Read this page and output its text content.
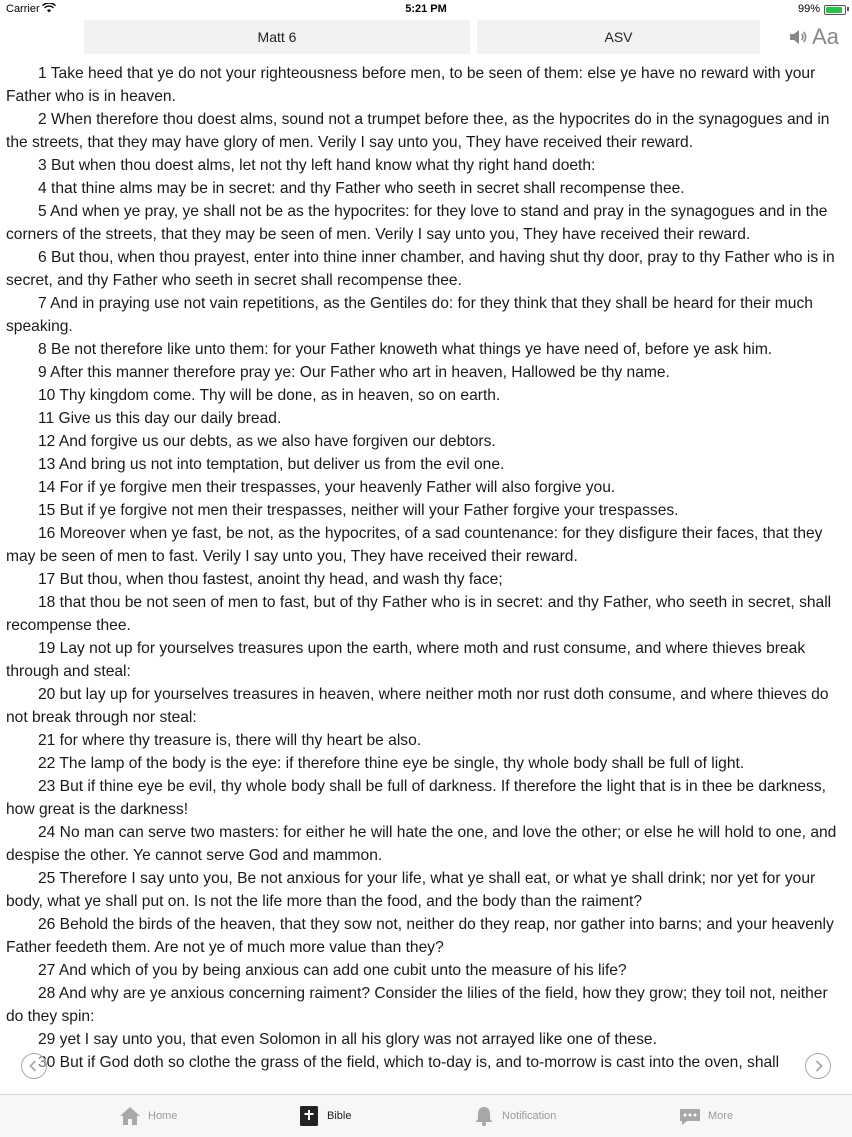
Carrier	5:21 PM	99%
Matt 6	ASV	Aa

1 Take heed that ye do not your righteousness before men, to be seen of them: else ye have no reward with your Father who is in heaven.

2 When therefore thou doest alms, sound not a trumpet before thee, as the hypocrites do in the synagogues and in the streets, that they may have glory of men. Verily I say unto you, They have received their reward.

3 But when thou doest alms, let not thy left hand know what thy right hand doeth:

4 that thine alms may be in secret: and thy Father who seeth in secret shall recompense thee.

5 And when ye pray, ye shall not be as the hypocrites: for they love to stand and pray in the synagogues and in the corners of the streets, that they may be seen of men. Verily I say unto you, They have received their reward.

6 But thou, when thou prayest, enter into thine inner chamber, and having shut thy door, pray to thy Father who is in secret, and thy Father who seeth in secret shall recompense thee.

7 And in praying use not vain repetitions, as the Gentiles do: for they think that they shall be heard for their much speaking.

8 Be not therefore like unto them: for your Father knoweth what things ye have need of, before ye ask him.

9 After this manner therefore pray ye: Our Father who art in heaven, Hallowed be thy name.

10 Thy kingdom come. Thy will be done, as in heaven, so on earth.

11 Give us this day our daily bread.

12 And forgive us our debts, as we also have forgiven our debtors.

13 And bring us not into temptation, but deliver us from the evil one.

14 For if ye forgive men their trespasses, your heavenly Father will also forgive you.

15 But if ye forgive not men their trespasses, neither will your Father forgive your trespasses.

16 Moreover when ye fast, be not, as the hypocrites, of a sad countenance: for they disfigure their faces, that they may be seen of men to fast. Verily I say unto you, They have received their reward.

17 But thou, when thou fastest, anoint thy head, and wash thy face;

18 that thou be not seen of men to fast, but of thy Father who is in secret: and thy Father, who seeth in secret, shall recompense thee.

19 Lay not up for yourselves treasures upon the earth, where moth and rust consume, and where thieves break through and steal:

20 but lay up for yourselves treasures in heaven, where neither moth nor rust doth consume, and where thieves do not break through nor steal:

21 for where thy treasure is, there will thy heart be also.

22 The lamp of the body is the eye: if therefore thine eye be single, thy whole body shall be full of light.

23 But if thine eye be evil, thy whole body shall be full of darkness. If therefore the light that is in thee be darkness, how great is the darkness!

24 No man can serve two masters: for either he will hate the one, and love the other; or else he will hold to one, and despise the other. Ye cannot serve God and mammon.

25 Therefore I say unto you, Be not anxious for your life, what ye shall eat, or what ye shall drink; nor yet for your body, what ye shall put on. Is not the life more than the food, and the body than the raiment?

26 Behold the birds of the heaven, that they sow not, neither do they reap, nor gather into barns; and your heavenly Father feedeth them. Are not ye of much more value than they?

27 And which of you by being anxious can add one cubit unto the measure of his life?

28 And why are ye anxious concerning raiment? Consider the lilies of the field, how they grow; they toil not, neither do they spin:

29 yet I say unto you, that even Solomon in all his glory was not arrayed like one of these.

30 But if God doth so clothe the grass of the field, which to-day is, and to-morrow is cast into the oven, shall

Home	Bible	Notification	More
